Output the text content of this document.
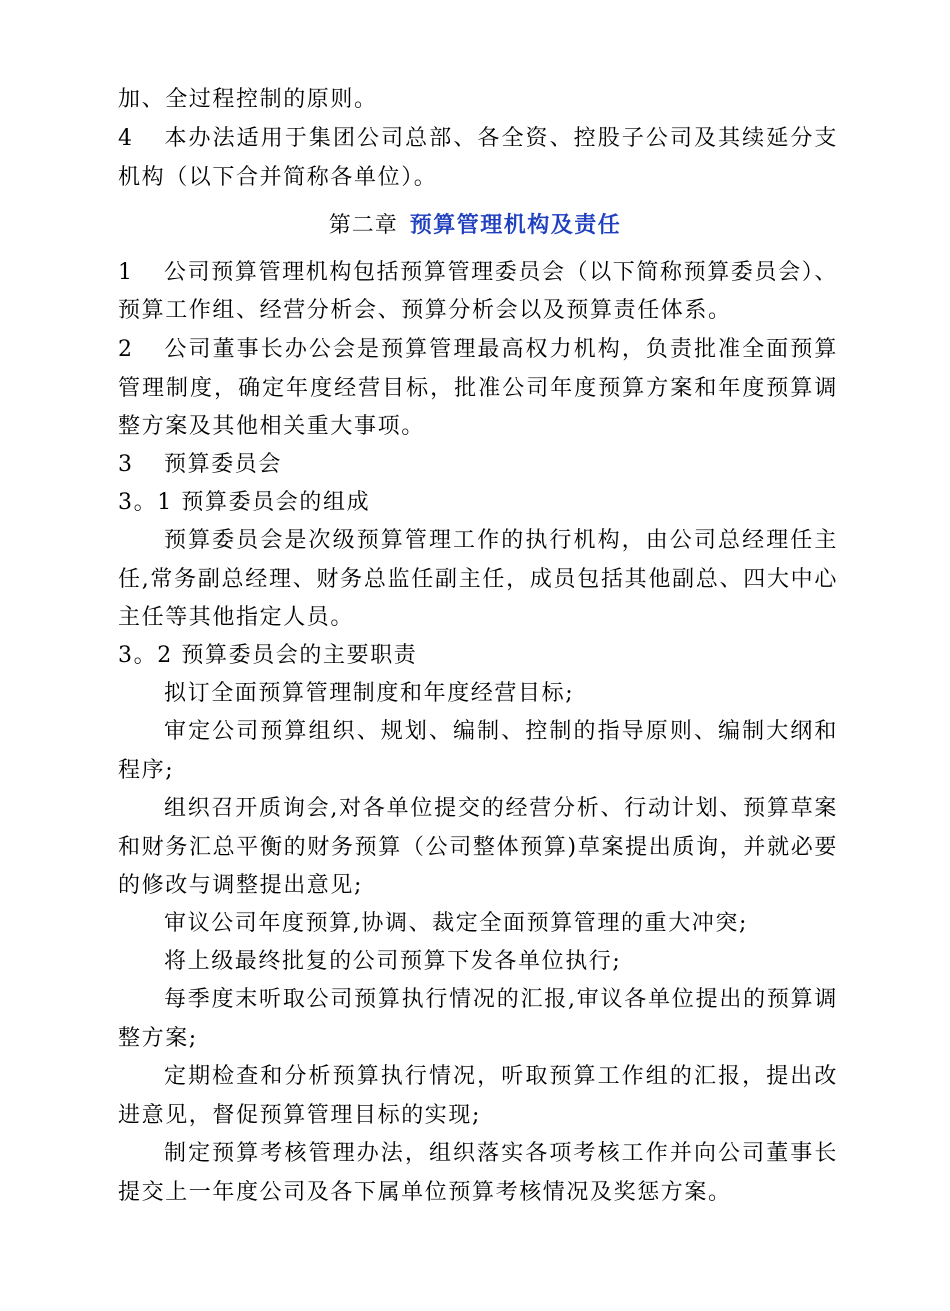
加、全过程控制的原则。
4 本办法适用于集团公司总部、各全资、控股子公司及其续延分支
机构（以下合并简称各单位）。
第二章 预算管理机构及责任
1 公司预算管理机构包括预算管理委员会（以下简称预算委员会）、
预算工作组、经营分析会、预算分析会以及预算责任体系。
2 公司董事长办公会是预算管理最高权力机构，负责批准全面预算
管理制度，确定年度经营目标，批准公司年度预算方案和年度预算调
整方案及其他相关重大事项。
3 预算委员会
3。1 预算委员会的组成
预算委员会是次级预算管理工作的执行机构，由公司总经理任主
任,常务副总经理、财务总监任副主任，成员包括其他副总、四大中心
主任等其他指定人员。
3。2 预算委员会的主要职责
拟订全面预算管理制度和年度经营目标;
审定公司预算组织、规划、编制、控制的指导原则、编制大纲和
程序;
组织召开质询会,对各单位提交的经营分析、行动计划、预算草案
和财务汇总平衡的财务预算（公司整体预算)草案提出质询，并就必要
的修改与调整提出意见;
审议公司年度预算,协调、裁定全面预算管理的重大冲突;
将上级最终批复的公司预算下发各单位执行;
每季度末听取公司预算执行情况的汇报,审议各单位提出的预算调
整方案;
定期检查和分析预算执行情况，听取预算工作组的汇报，提出改
进意见，督促预算管理目标的实现;
制定预算考核管理办法，组织落实各项考核工作并向公司董事长
提交上一年度公司及各下属单位预算考核情况及奖惩方案。
